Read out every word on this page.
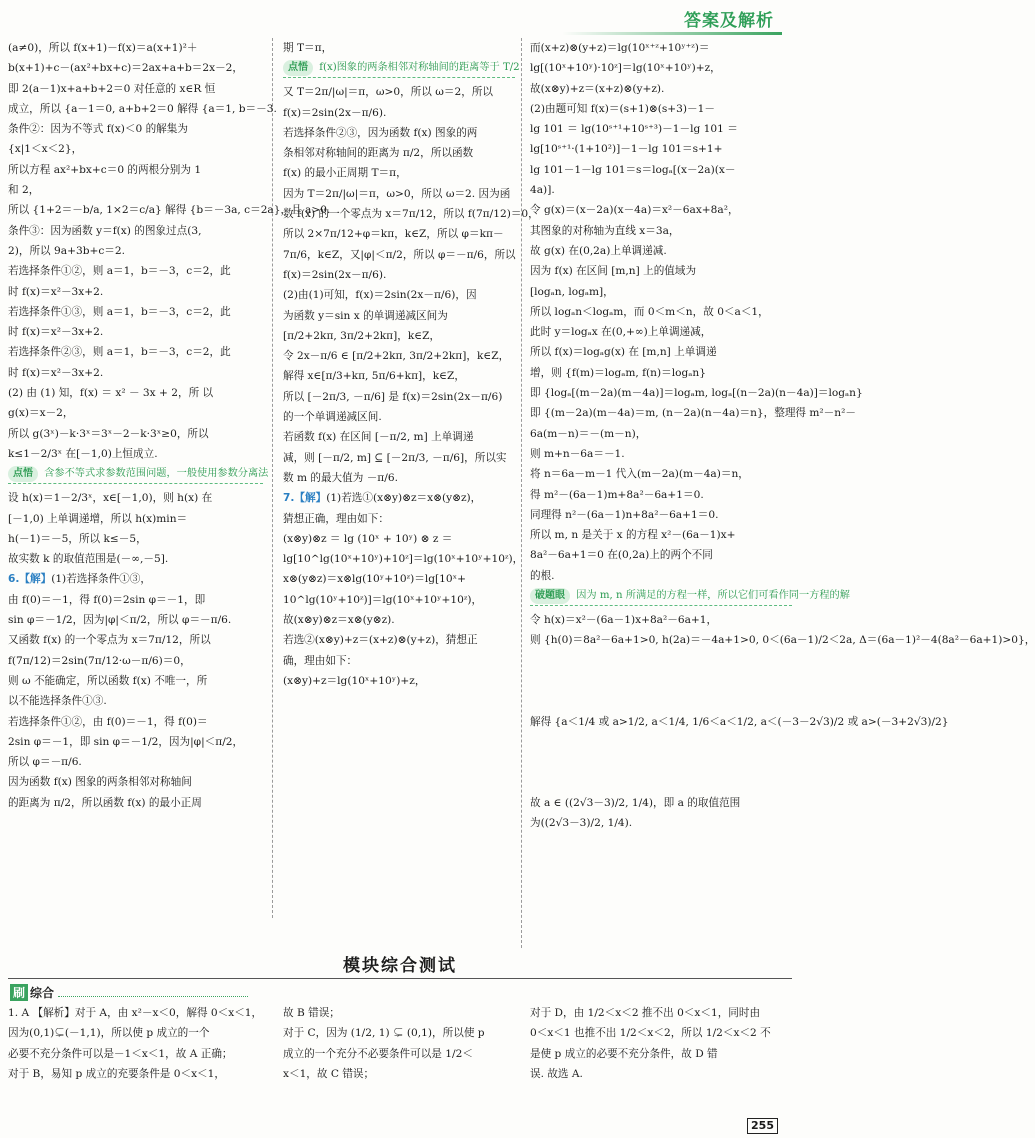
答案及解析
(a≠0)，所以 f(x+1)－f(x)＝a(x+1)²＋
b(x+1)+c－(ax²+bx+c)＝2ax+a+b＝2x－2，
即 2(a－1)x+a+b+2＝0 对任意的 x∈R 恒
成立，所以 {a－1＝0, a+b+2＝0 解得 {a＝1, b＝－3.
条件②：因为不等式 f(x)＜0 的解集为
{x|1＜x＜2}，
所以方程 ax²+bx+c＝0 的两根分别为 1
和 2，
所以 {1+2＝－b/a, 1×2＝c/a} 解得 {b＝－3a, c＝2a}，且 a>0.
条件③：因为函数 y＝f(x) 的图象过点(3,
2)，所以 9a+3b+c＝2.
若选择条件①②，则 a＝1，b＝－3，c＝2，此
时 f(x)＝x²－3x+2.
若选择条件①③，则 a＝1，b＝－3，c＝2，此
时 f(x)＝x²－3x+2.
若选择条件②③，则 a＝1，b＝－3，c＝2，此
时 f(x)＝x²－3x+2.
(2) 由 (1) 知，f(x) ＝ x² － 3x + 2，所 以
g(x)＝x－2，
所以 g(3ˣ)－k·3ˣ＝3ˣ－2－k·3ˣ≥0，所以
k≤1－2/3ˣ 在[－1,0)上恒成立.
点悟 含参不等式求参数范围问题，一般使用参数分离法
设 h(x)＝1－2/3ˣ，x∈[－1,0)，则 h(x) 在
[－1,0) 上单调递增，所以 h(x)min＝
h(－1)＝－5，所以 k≤－5，
故实数 k 的取值范围是(－∞,－5].
6.【解】(1)若选择条件①③，
由 f(0)＝－1，得 f(0)＝2sin φ＝－1，即
sin φ＝－1/2，因为|φ|＜π/2，所以 φ＝－π/6.
又函数 f(x) 的一个零点为 x＝7π/12，所以
f(7π/12)＝2sin(7π/12·ω－π/6)＝0，
则 ω 不能确定，所以函数 f(x) 不唯一，所
以不能选择条件①③.
若选择条件①②，由 f(0)＝－1，得 f(0)＝
2sin φ＝－1，即 sin φ＝－1/2，因为|φ|＜π/2，
所以 φ＝－π/6.
因为函数 f(x) 图象的两条相邻对称轴间
的距离为 π/2，所以函数 f(x) 的最小正周
期 T＝π，
点悟 f(x)图象的两条相邻对称轴间的距离等于 T/2
又 T＝2π/|ω|＝π，ω>0，所以 ω＝2，所以
f(x)＝2sin(2x－π/6).
若选择条件②③，因为函数 f(x) 图象的两
条相邻对称轴间的距离为 π/2，所以函数
f(x) 的最小正周期 T＝π，
因为 T＝2π/|ω|＝π，ω>0，所以 ω＝2. 因为函
数 f(x) 的一个零点为 x＝7π/12，所以 f(7π/12)＝0，
所以 2×7π/12+φ＝kπ，k∈Z，所以 φ＝kπ－
7π/6，k∈Z，又|φ|＜π/2，所以 φ＝－π/6，所以
f(x)＝2sin(2x－π/6).
(2)由(1)可知，f(x)＝2sin(2x－π/6)，因
为函数 y＝sin x 的单调递减区间为
[π/2+2kπ, 3π/2+2kπ]，k∈Z，
令 2x－π/6 ∈ [π/2+2kπ, 3π/2+2kπ]，k∈Z，
解得 x∈[π/3+kπ, 5π/6+kπ]，k∈Z，
所以 [－2π/3, －π/6] 是 f(x)＝2sin(2x－π/6)
的一个单调递减区间.
若函数 f(x) 在区间 [－π/2, m] 上单调递
减，则 [－π/2, m] ⊆ [－2π/3, －π/6]，所以实
数 m 的最大值为 －π/6.
7.【解】(1)若选①(x⊗y)⊗z＝x⊗(y⊗z)，
猜想正确，理由如下：
(x⊗y)⊗z ＝ lg (10ˣ + 10ʸ) ⊗ z ＝
lg[10^lg(10ˣ+10ʸ)+10ᶻ]＝lg(10ˣ+10ʸ+10ᶻ)，
x⊗(y⊗z)＝x⊗lg(10ʸ+10ᶻ)＝lg[10ˣ+
10^lg(10ʸ+10ᶻ)]＝lg(10ˣ+10ʸ+10ᶻ)，
故(x⊗y)⊗z＝x⊗(y⊗z).
若选②(x⊗y)+z＝(x+z)⊗(y+z)，猜想正
确，理由如下：
(x⊗y)+z＝lg(10ˣ+10ʸ)+z，
而(x+z)⊗(y+z)＝lg(10ˣ⁺ᶻ+10ʸ⁺ᶻ)＝
lg[(10ˣ+10ʸ)·10ᶻ]＝lg(10ˣ+10ʸ)+z，
故(x⊗y)+z＝(x+z)⊗(y+z).
(2)由题可知 f(x)＝(s+1)⊗(s+3)－1－
lg 101 ＝ lg(10ˢ⁺¹+10ˢ⁺³)－1－lg 101 ＝
lg[10ˢ⁺¹·(1+10²)]－1－lg 101＝s+1+
lg 101－1－lg 101＝s＝logₐ[(x－2a)(x－
4a)].
令 g(x)＝(x－2a)(x－4a)＝x²－6ax+8a²，
其图象的对称轴为直线 x＝3a，
故 g(x) 在(0,2a)上单调递减.
因为 f(x) 在区间 [m,n] 上的值域为
[logₐn, logₐm]，
所以 logₐn＜logₐm，而 0＜m＜n，故 0＜a＜1，
此时 y＝logₐx 在(0,+∞)上单调递减，
所以 f(x)＝logₐg(x) 在 [m,n] 上单调递
增，则 {f(m)＝logₐm, f(n)＝logₐn}
即 {logₐ[(m－2a)(m－4a)]＝logₐm, logₐ[(n－2a)(n－4a)]＝logₐn}
即 {(m－2a)(m－4a)＝m, (n－2a)(n－4a)＝n}，整理得 m²－n²－
6a(m－n)＝－(m－n)，
则 m+n－6a＝－1.
将 n＝6a－m－1 代入(m－2a)(m－4a)＝n，
得 m²－(6a－1)m+8a²－6a+1＝0.
同理得 n²－(6a－1)n+8a²－6a+1＝0.
所以 m, n 是关于 x 的方程 x²－(6a－1)x+
8a²－6a+1＝0 在(0,2a)上的两个不同
的根.
破题眼 因为 m, n 所满足的方程一样，所以它们可看作同一方程的解
令 h(x)＝x²－(6a－1)x+8a²－6a+1，
则 {h(0)＝8a²－6a+1>0, h(2a)＝－4a+1>0, 0＜(6a－1)/2＜2a, Δ＝(6a－1)²－4(8a²－6a+1)>0}，
解得 {a＜1/4 或 a>1/2, a＜1/4, 1/6＜a＜1/2, a＜(－3－2√3)/2 或 a>(－3+2√3)/2}
故 a ∈ ((2√3－3)/2, 1/4)，即 a 的取值范围
为((2√3－3)/2, 1/4).
模块综合测试
刷 综合
1. A 【解析】对于 A，由 x²－x＜0，解得 0＜x＜1，
因为(0,1)⊊(－1,1)，所以使 p 成立的一个
必要不充分条件可以是－1＜x＜1，故 A 正确；
对于 B，易知 p 成立的充要条件是 0＜x＜1，
故 B 错误；
对于 C，因为 (1/2, 1) ⊊ (0,1)，所以使 p
成立的一个充分不必要条件可以是 1/2＜
x＜1，故 C 错误；
对于 D，由 1/2＜x＜2 推不出 0＜x＜1，同时由
0＜x＜1 也推不出 1/2＜x＜2，所以 1/2＜x＜2 不
是使 p 成立的必要不充分条件，故 D 错
误. 故选 A.
255
